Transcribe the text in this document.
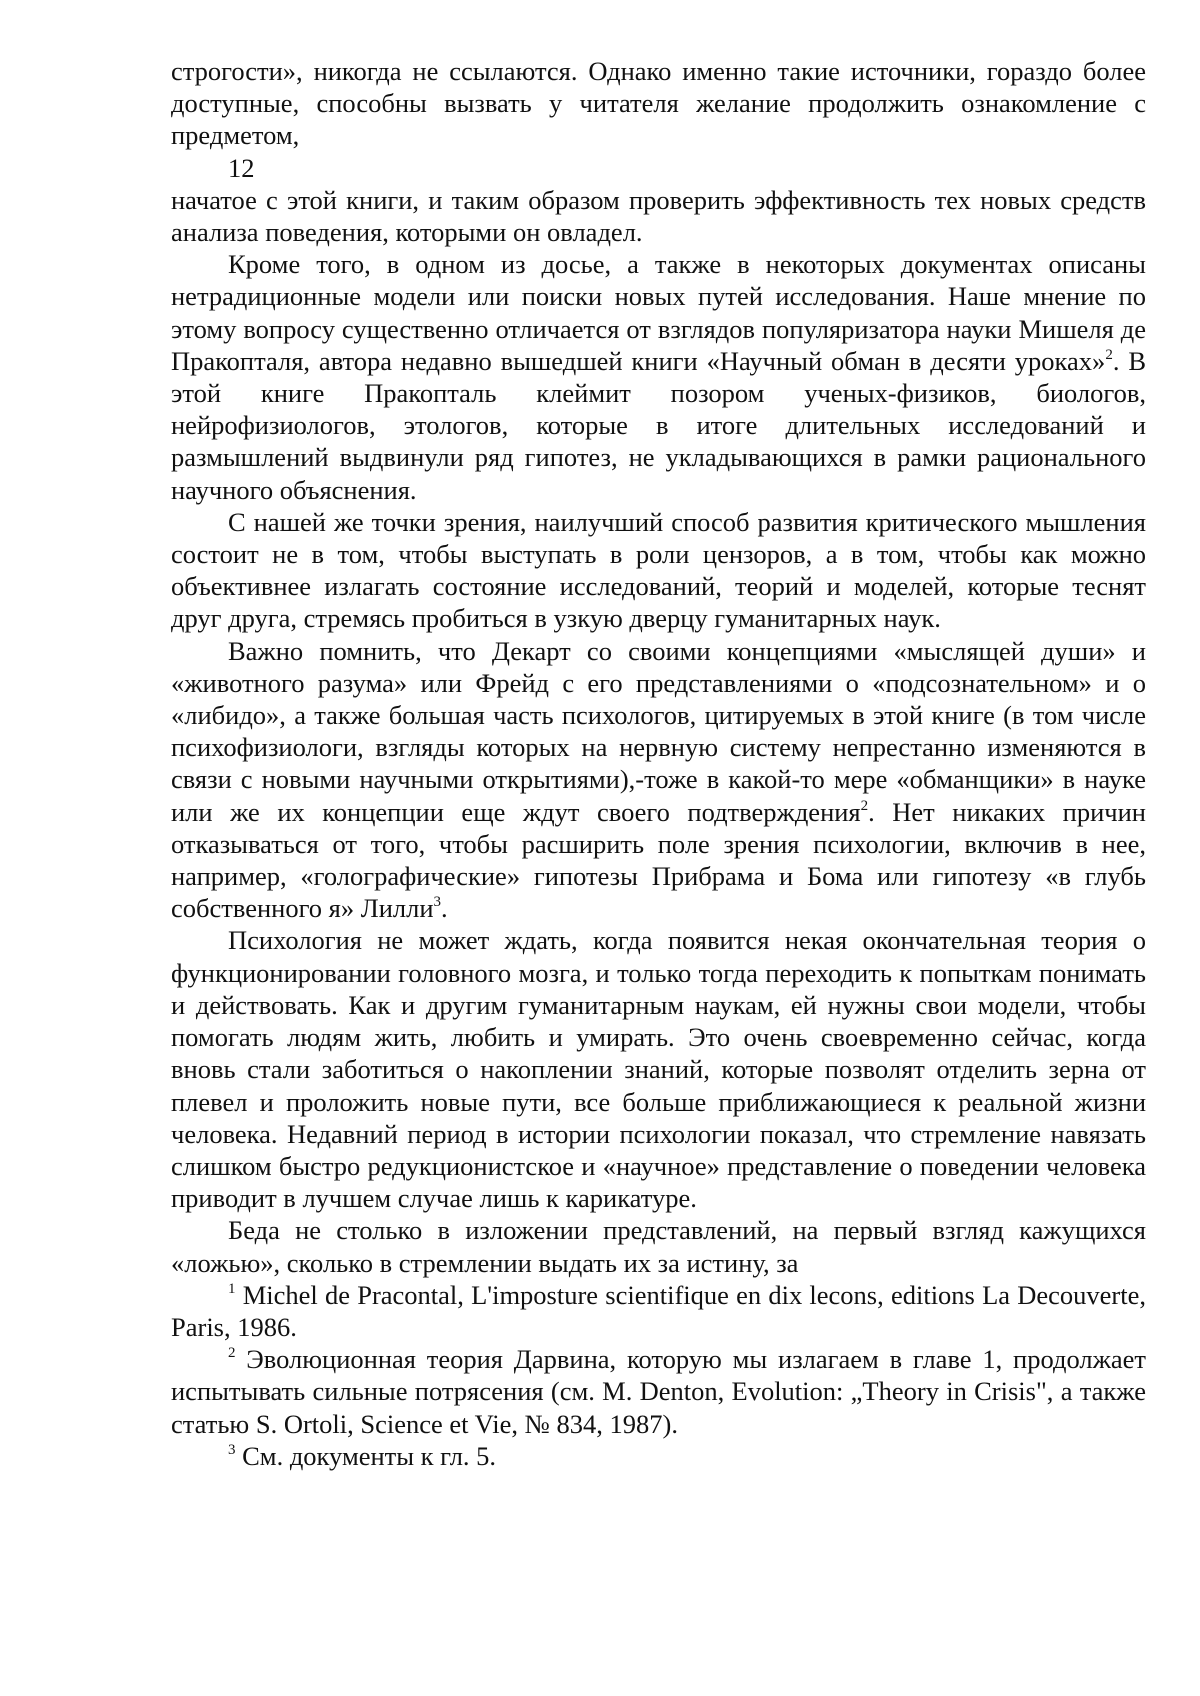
строгости», никогда не ссылаются. Однако именно такие источники, гораздо более доступные, способны вызвать у читателя желание продолжить ознакомление с предметом,

12

начатое с этой книги, и таким образом проверить эффективность тех новых средств анализа поведения, которыми он овладел.

Кроме того, в одном из досье, а также в некоторых документах описаны нетрадиционные модели или поиски новых путей исследования. Наше мнение по этому вопросу существенно отличается от взглядов популяризатора науки Мишеля де Пракопталя, автора недавно вышедшей книги «Научный обман в десяти уроках»$^2$. В этой книге Пракопталь клеймит позором ученых-физиков, биологов, нейрофизиологов, этологов, которые в итоге длительных исследований и размышлений выдвинули ряд гипотез, не укладывающихся в рамки рационального научного объяснения.

С нашей же точки зрения, наилучший способ развития критического мышления состоит не в том, чтобы выступать в роли цензоров, а в том, чтобы как можно объективнее излагать состояние исследований, теорий и моделей, которые теснят друг друга, стремясь пробиться в узкую дверцу гуманитарных наук.

Важно помнить, что Декарт со своими концепциями «мыслящей души» и «животного разума» или Фрейд с его представлениями о «подсознательном» и о «либидо», а также большая часть психологов, цитируемых в этой книге (в том числе психофизиологи, взгляды которых на нервную систему непрестанно изменяются в связи с новыми научными открытиями),-тоже в какой-то мере «обманщики» в науке или же их концепции еще ждут своего подтверждения$^2$. Нет никаких причин отказываться от того, чтобы расширить поле зрения психологии, включив в нее, например, «голографические» гипотезы Прибрама и Бома или гипотезу «в глубь собственного я» Лилли$^3$.

Психология не может ждать, когда появится некая окончательная теория о функционировании головного мозга, и только тогда переходить к попыткам понимать и действовать. Как и другим гуманитарным наукам, ей нужны свои модели, чтобы помогать людям жить, любить и умирать. Это очень своевременно сейчас, когда вновь стали заботиться о накоплении знаний, которые позволят отделить зерна от плевел и проложить новые пути, все больше приближающиеся к реальной жизни человека. Недавний период в истории психологии показал, что стремление навязать слишком быстро редукционистское и «научное» представление о поведении человека приводит в лучшем случае лишь к карикатуре.

Беда не столько в изложении представлений, на первый взгляд кажущихся «ложью», сколько в стремлении выдать их за истину, за

$^1$ Michel de Pracontal, L'imposture scientifique en dix lecons, editions La Decouverte, Paris, 1986.

$^2$ Эволюционная теория Дарвина, которую мы излагаем в главе 1, продолжает испытывать сильные потрясения (см. M. Denton, Evolution: „Theory in Crisis", а также статью S. Ortoli, Science et Vie, № 834, 1987).

$^3$ См. документы к гл. 5.
